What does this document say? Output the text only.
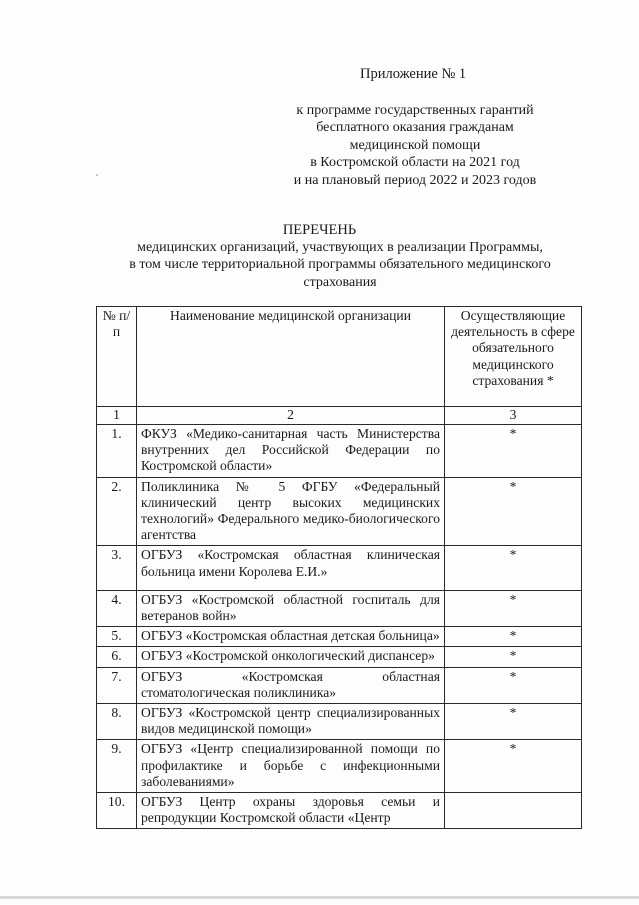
Приложение № 1
к программе государственных гарантий
бесплатного оказания гражданам
медицинской помощи
в Костромской области на 2021 год
и на плановый период 2022 и 2023 годов
ПЕРЕЧЕНЬ
медицинских организаций, участвующих в реализации Программы,
в том числе территориальной программы обязательного медицинского
страхования
№ п/п	Наименование медицинской организации	Осуществляющие деятельность в сфере обязательного медицинского страхования *
1	2	3
1.	ФКУЗ «Медико-санитарная часть Министерства внутренних дел Российской Федерации по Костромской области»	*
2.	Поликлиника № 5 ФГБУ «Федеральный клинический центр высоких медицинских технологий» Федерального медико-биологического агентства	*
3.	ОГБУЗ «Костромская областная клиническая больница имени Королева Е.И.»	*
4.	ОГБУЗ «Костромской областной госпиталь для ветеранов войн»	*
5.	ОГБУЗ «Костромская областная детская больница»	*
6.	ОГБУЗ «Костромской онкологический диспансер»	*
7.	ОГБУЗ «Костромская областная стоматологическая поликлиника»	*
8.	ОГБУЗ «Костромской центр специализированных видов медицинской помощи»	*
9.	ОГБУЗ «Центр специализированной помощи по профилактике и борьбе с инфекционными заболеваниями»	*
10.	ОГБУЗ Центр охраны здоровья семьи и репродукции Костромской области «Центр	
